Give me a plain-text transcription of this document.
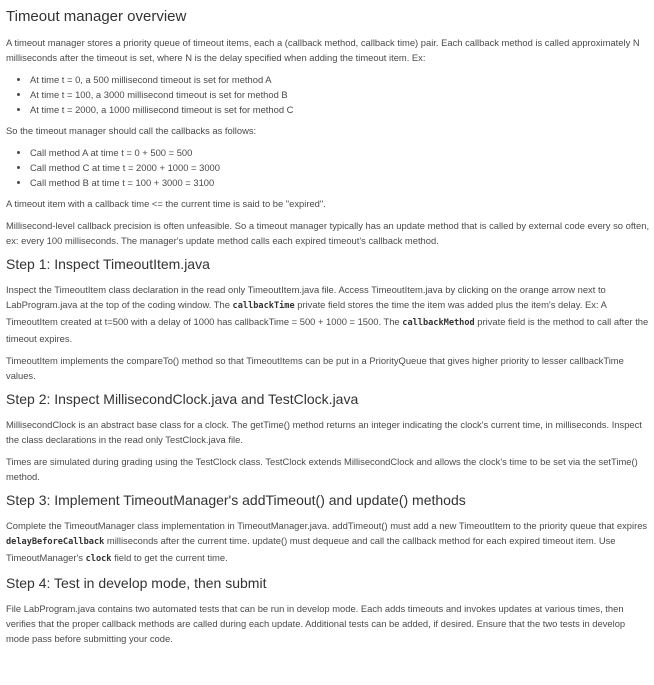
Timeout manager overview

A timeout manager stores a priority queue of timeout items, each a (callback method, callback time) pair. Each callback method is called approximately N milliseconds after the timeout is set, where N is the delay specified when adding the timeout item. Ex:

• At time t = 0, a 500 millisecond timeout is set for method A
• At time t = 100, a 3000 millisecond timeout is set for method B
• At time t = 2000, a 1000 millisecond timeout is set for method C

So the timeout manager should call the callbacks as follows:

• Call method A at time t = 0 + 500 = 500
• Call method C at time t = 2000 + 1000 = 3000
• Call method B at time t = 100 + 3000 = 3100

A timeout item with a callback time <= the current time is said to be "expired".

Millisecond-level callback precision is often unfeasible. So a timeout manager typically has an update method that is called by external code every so often, ex: every 100 milliseconds. The manager's update method calls each expired timeout's callback method.

Step 1: Inspect TimeoutItem.java

Inspect the TimeoutItem class declaration in the read only TimeoutItem.java file. Access TimeoutItem.java by clicking on the orange arrow next to LabProgram.java at the top of the coding window. The callbackTime private field stores the time the item was added plus the item's delay. Ex: A TimeoutItem created at t=500 with a delay of 1000 has callbackTime = 500 + 1000 = 1500. The callbackMethod private field is the method to call after the timeout expires.

TimeoutItem implements the compareTo() method so that TimeoutItems can be put in a PriorityQueue that gives higher priority to lesser callbackTime values.

Step 2: Inspect MillisecondClock.java and TestClock.java

MillisecondClock is an abstract base class for a clock. The getTime() method returns an integer indicating the clock's current time, in milliseconds. Inspect the class declarations in the read only TestClock.java file.

Times are simulated during grading using the TestClock class. TestClock extends MillisecondClock and allows the clock's time to be set via the setTime() method.

Step 3: Implement TimeoutManager's addTimeout() and update() methods

Complete the TimeoutManager class implementation in TimeoutManager.java. addTimeout() must add a new TimeoutItem to the priority queue that expires delayBeforeCallback milliseconds after the current time. update() must dequeue and call the callback method for each expired timeout item. Use TimeoutManager's clock field to get the current time.

Step 4: Test in develop mode, then submit

File LabProgram.java contains two automated tests that can be run in develop mode. Each adds timeouts and invokes updates at various times, then verifies that the proper callback methods are called during each update. Additional tests can be added, if desired. Ensure that the two tests in develop mode pass before submitting your code.
